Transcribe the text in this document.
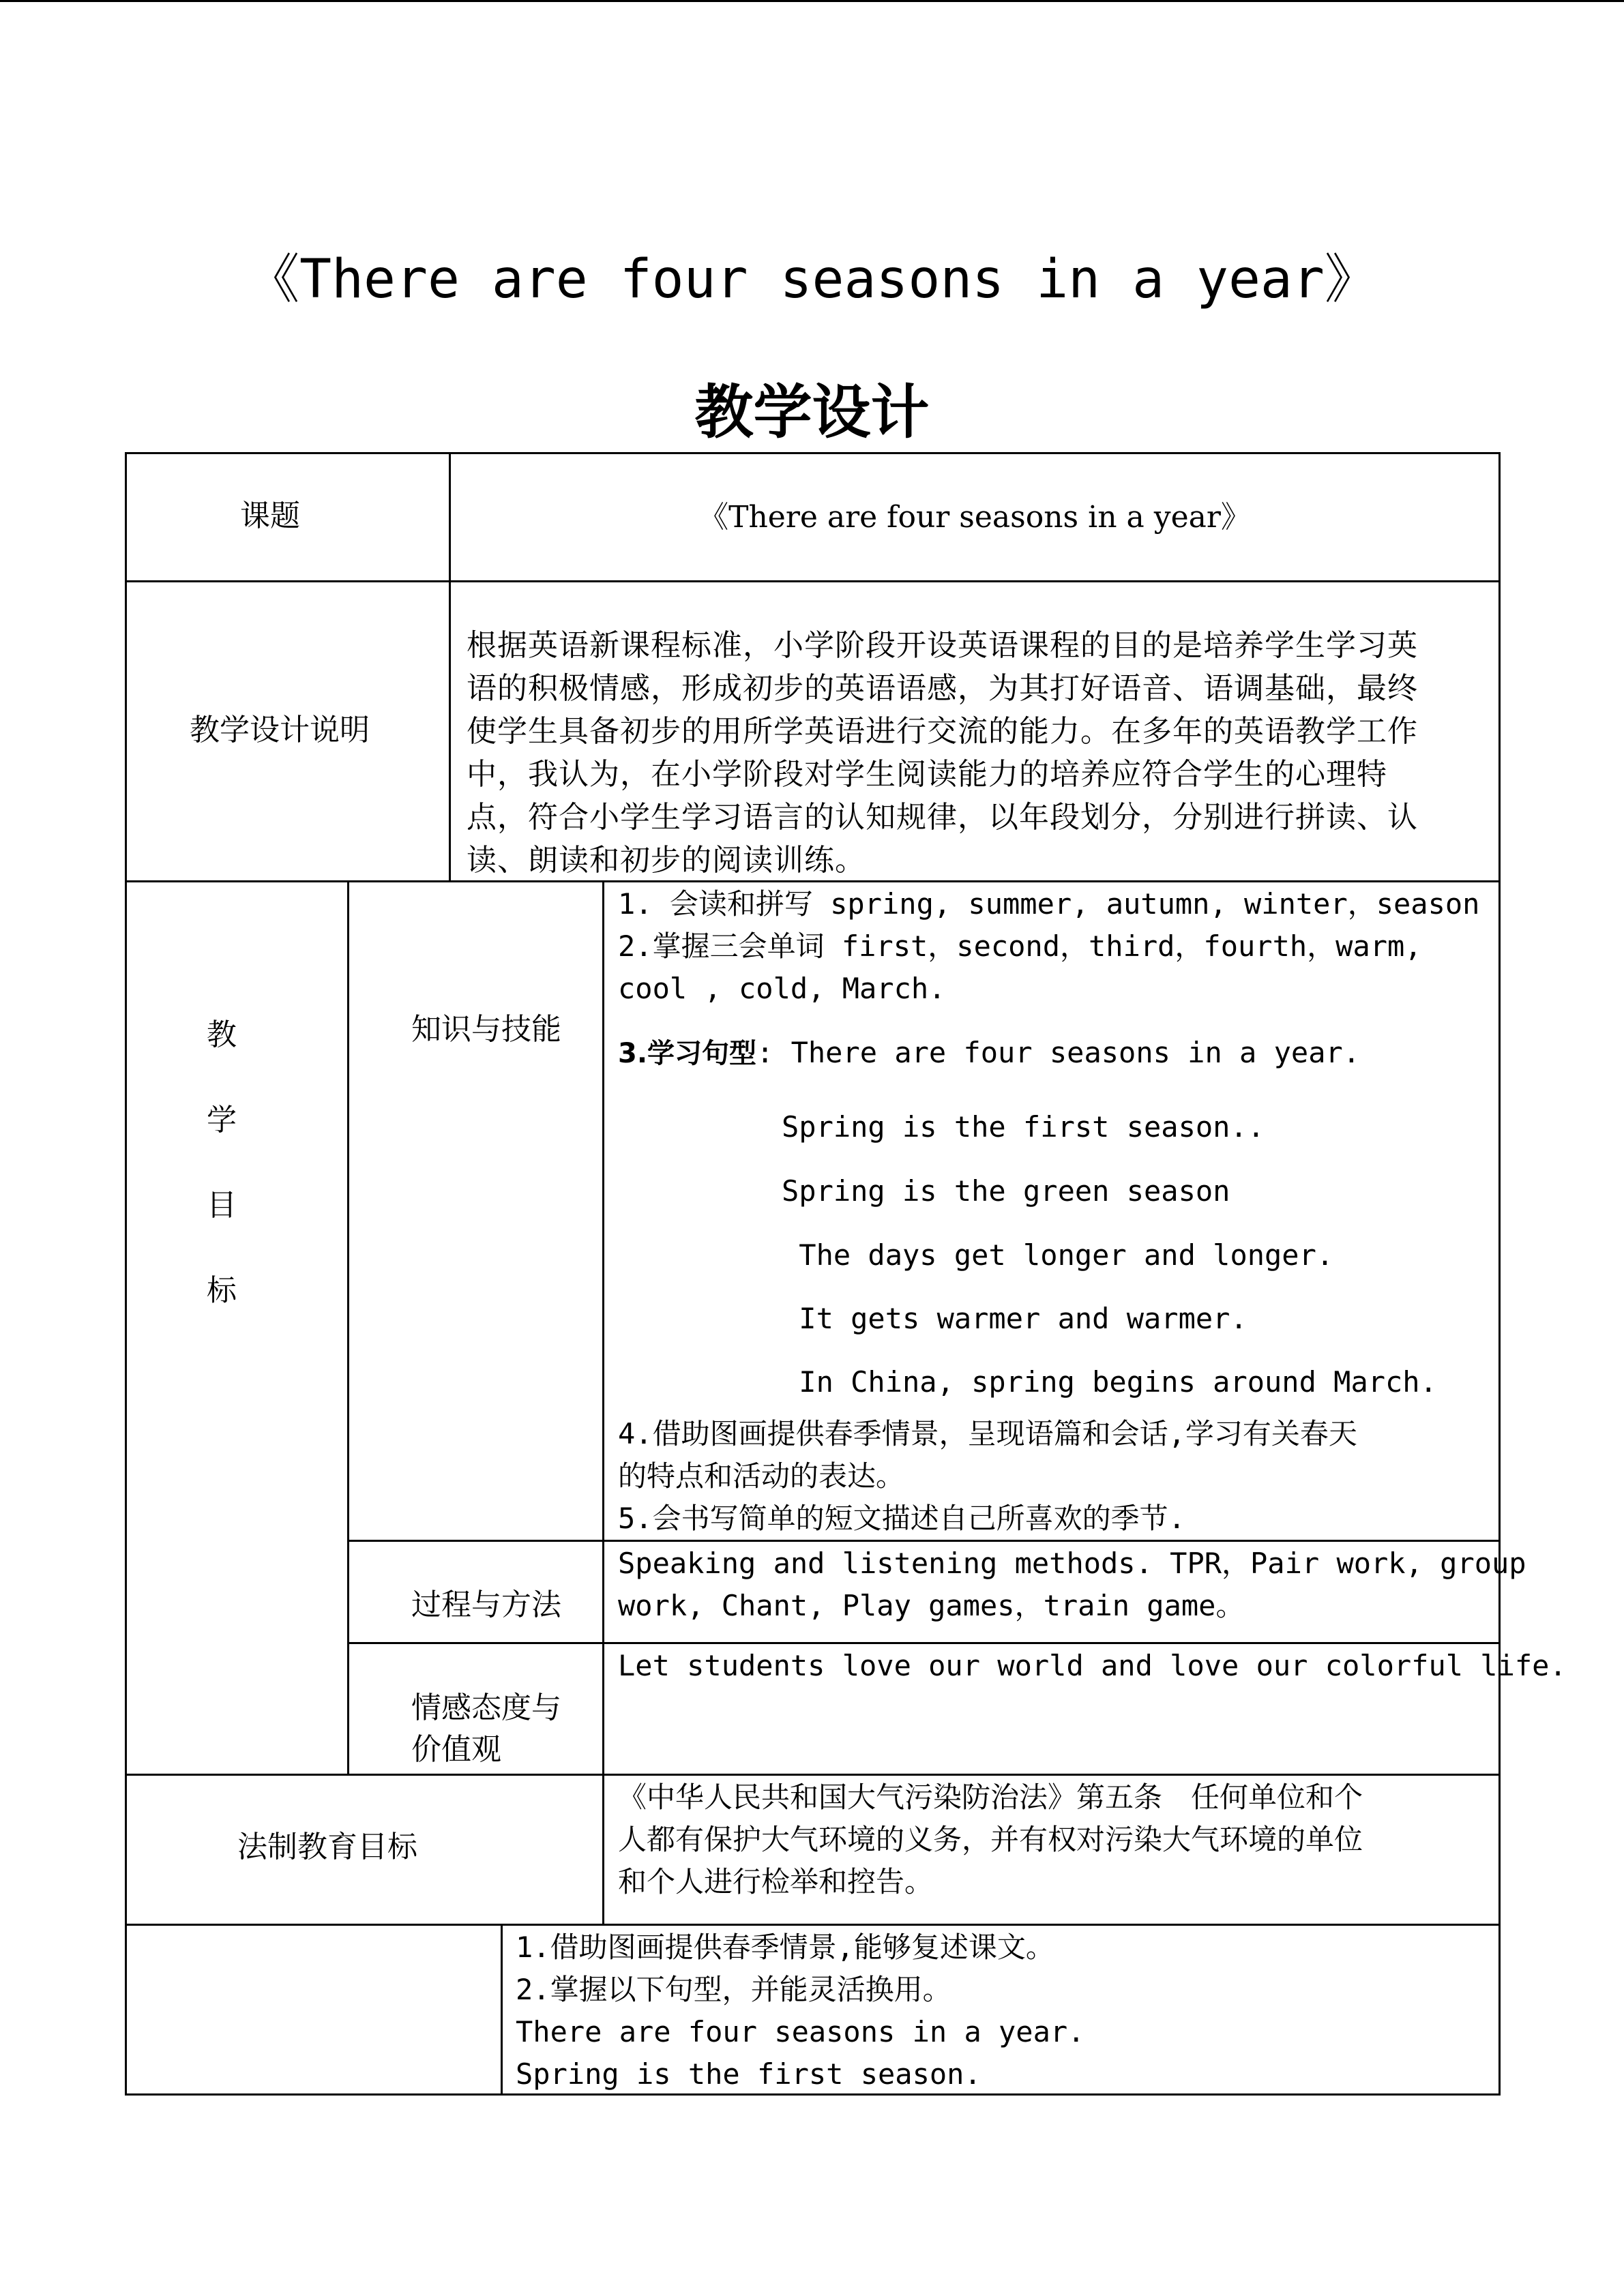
《There are four seasons in a year》
教学设计
课题	《There are four seasons in a year》
教学设计说明
根据英语新课程标准，小学阶段开设英语课程的目的是培养学生学习英
语的积极情感，形成初步的英语语感，为其打好语音、语调基础，最终
使学生具备初步的用所学英语进行交流的能力。在多年的英语教学工作
中，我认为，在小学阶段对学生阅读能力的培养应符合学生的心理特
点，符合小学生学习语言的认知规律，以年段划分，分别进行拼读、认
读、朗读和初步的阅读训练。
教
学
目
标
知识与技能
1. 会读和拼写 spring, summer, autumn, winter，season
2.掌握三会单词 first，second，third，fourth，warm,
cool , cold, March.
3.学习句型: There are four seasons in a year.
Spring is the first season..
Spring is the green season
The days get longer and longer.
It gets warmer and warmer.
In China, spring begins around March.
4.借助图画提供春季情景，呈现语篇和会话,学习有关春天
的特点和活动的表达。
5.会书写简单的短文描述自己所喜欢的季节.
过程与方法
Speaking and listening methods. TPR，Pair work, group
work, Chant, Play games，train game。
情感态度与
价值观
Let students love our world and love our colorful life.
法制教育目标
《中华人民共和国大气污染防治法》第五条　任何单位和个
人都有保护大气环境的义务，并有权对污染大气环境的单位
和个人进行检举和控告。
1.借助图画提供春季情景,能够复述课文。
2.掌握以下句型，并能灵活换用。
There are four seasons in a year.
Spring is the first season.
